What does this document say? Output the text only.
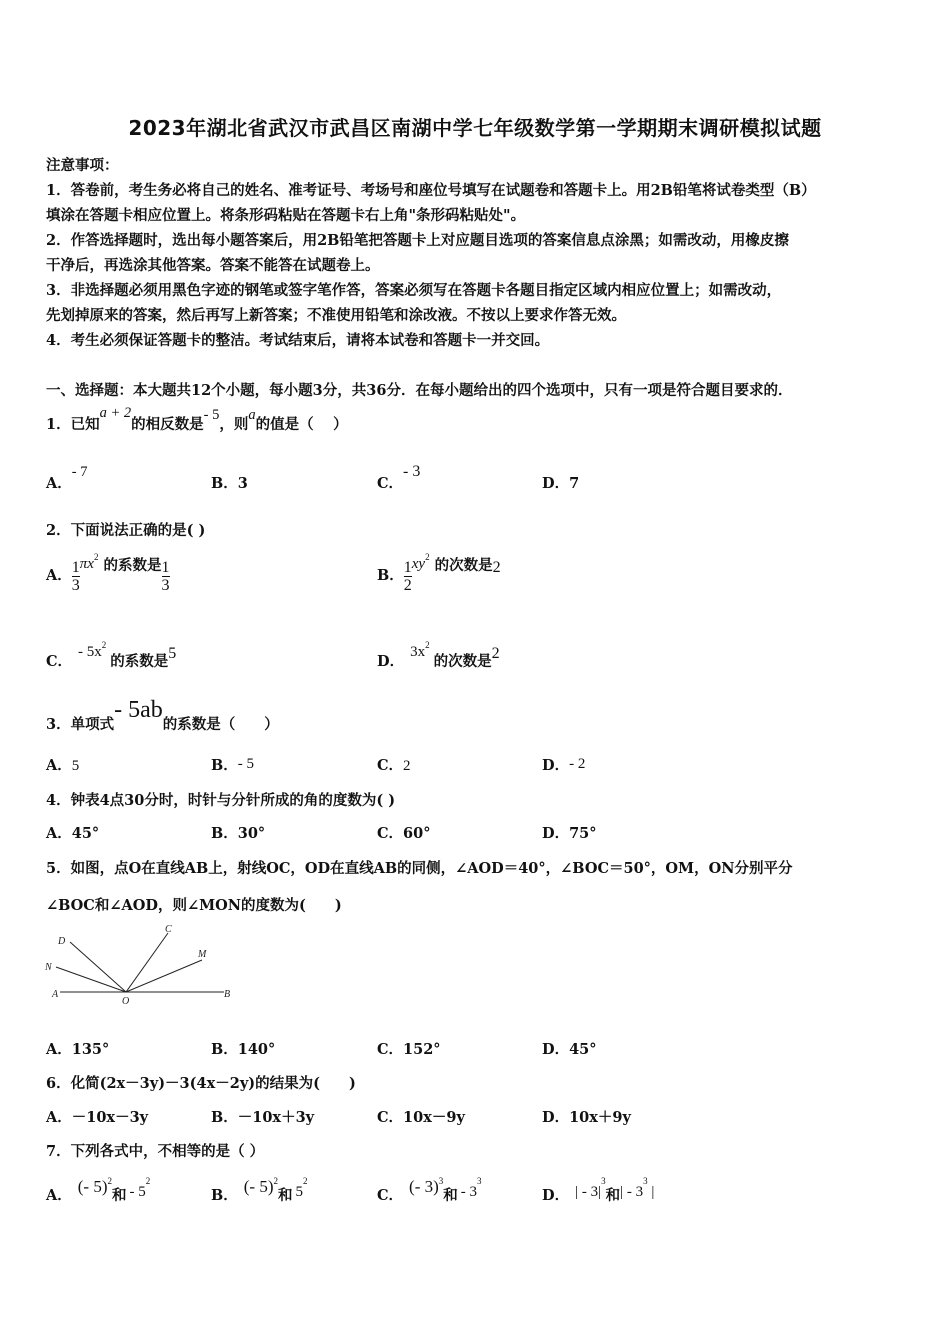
2023年湖北省武汉市武昌区南湖中学七年级数学第一学期期末调研模拟试题
注意事项：
1．答卷前，考生务必将自己的姓名、准考证号、考场号和座位号填写在试题卷和答题卡上。用2B铅笔将试卷类型（B）
填涂在答题卡相应位置上。将条形码粘贴在答题卡右上角"条形码粘贴处"。
2．作答选择题时，选出每小题答案后，用2B铅笔把答题卡上对应题目选项的答案信息点涂黑；如需改动，用橡皮擦
干净后，再选涂其他答案。答案不能答在试题卷上。
3．非选择题必须用黑色字迹的钢笔或签字笔作答，答案必须写在答题卡各题目指定区域内相应位置上；如需改动，
先划掉原来的答案，然后再写上新答案；不准使用铅笔和涂改液。不按以上要求作答无效。
4．考生必须保证答题卡的整洁。考试结束后，请将本试卷和答题卡一并交回。
一、选择题：本大题共12个小题，每小题3分，共36分．在每小题给出的四个选项中，只有一项是符合题目要求的．
1．已知a + 2的相反数是- 5，则a的值是（　 ）
A．- 7
B．3	C．- 3
D．7
2．下面说法正确的是( )
A．$\frac{1}{3} \pi x^2$ 的系数是$\frac{1}{3}$	B．$\frac{1}{2} xy^2$ 的次数是2
C．- $5x^2$的系数是5	D．$3x^2$的次数是2
3．单项式- 5ab的系数是（　　）
A．5	B．- 5	C．2	D．- 2
4．钟表4点30分时，时针与分针所成的角的度数为( )
A．45°	B．30°	C．60°	D．75°
5．如图，点O在直线AB上，射线OC，OD在直线AB的同侧，∠AOD＝40°，∠BOC＝50°，OM，ON分别平分
∠BOC和∠AOD，则∠MON的度数为(　　)
D
C
N
M
A
O
B
A．135°	B．140°	C．152°	D．45°
6．化简(2x－3y)－3(4x－2y)的结果为(　　)
A．－10x－3y	B．－10x＋3y	C．10x－9y	D．10x＋9y
7．下列各式中，不相等的是（ ）
A． (- 5)$^2$和 - $5^2$
B． (- 5)$^2$和 $5^2$
C． (- 3)$^3$和 - $3^3$
D． | - $3|^3$和| - $3^3$ |
